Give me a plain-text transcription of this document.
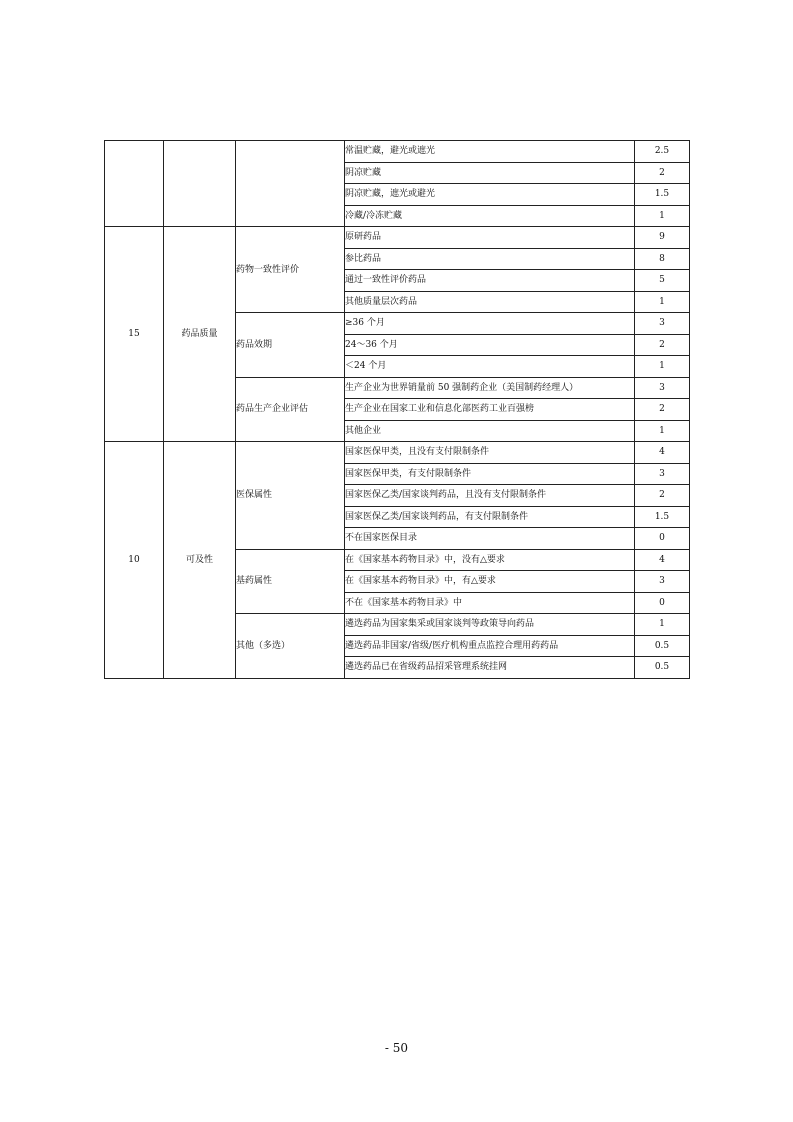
			常温贮藏，避光或遮光	2.5
			阴凉贮藏	2
			阴凉贮藏，遮光或避光	1.5
			冷藏/冷冻贮藏	1
15	药品质量	药物一致性评价	原研药品	9
			参比药品	8
			通过一致性评价药品	5
			其他质量层次药品	1
		药品效期	≥36 个月	3
			24～36 个月	2
			＜24 个月	1
		药品生产企业评估	生产企业为世界销量前 50 强制药企业（美国制药经理人）	3
			生产企业在国家工业和信息化部医药工业百强榜	2
			其他企业	1
10	可及性	医保属性	国家医保甲类，且没有支付限制条件	4
			国家医保甲类，有支付限制条件	3
			国家医保乙类/国家谈判药品，且没有支付限制条件	2
			国家医保乙类/国家谈判药品，有支付限制条件	1.5
			不在国家医保目录	0
		基药属性	在《国家基本药物目录》中，没有△要求	4
			在《国家基本药物目录》中，有△要求	3
			不在《国家基本药物目录》中	0
		其他（多选）	遴选药品为国家集采或国家谈判等政策导向药品	1
			遴选药品非国家/省级/医疗机构重点监控合理用药药品	0.5
			遴选药品已在省级药品招采管理系统挂网	0.5
- 50
